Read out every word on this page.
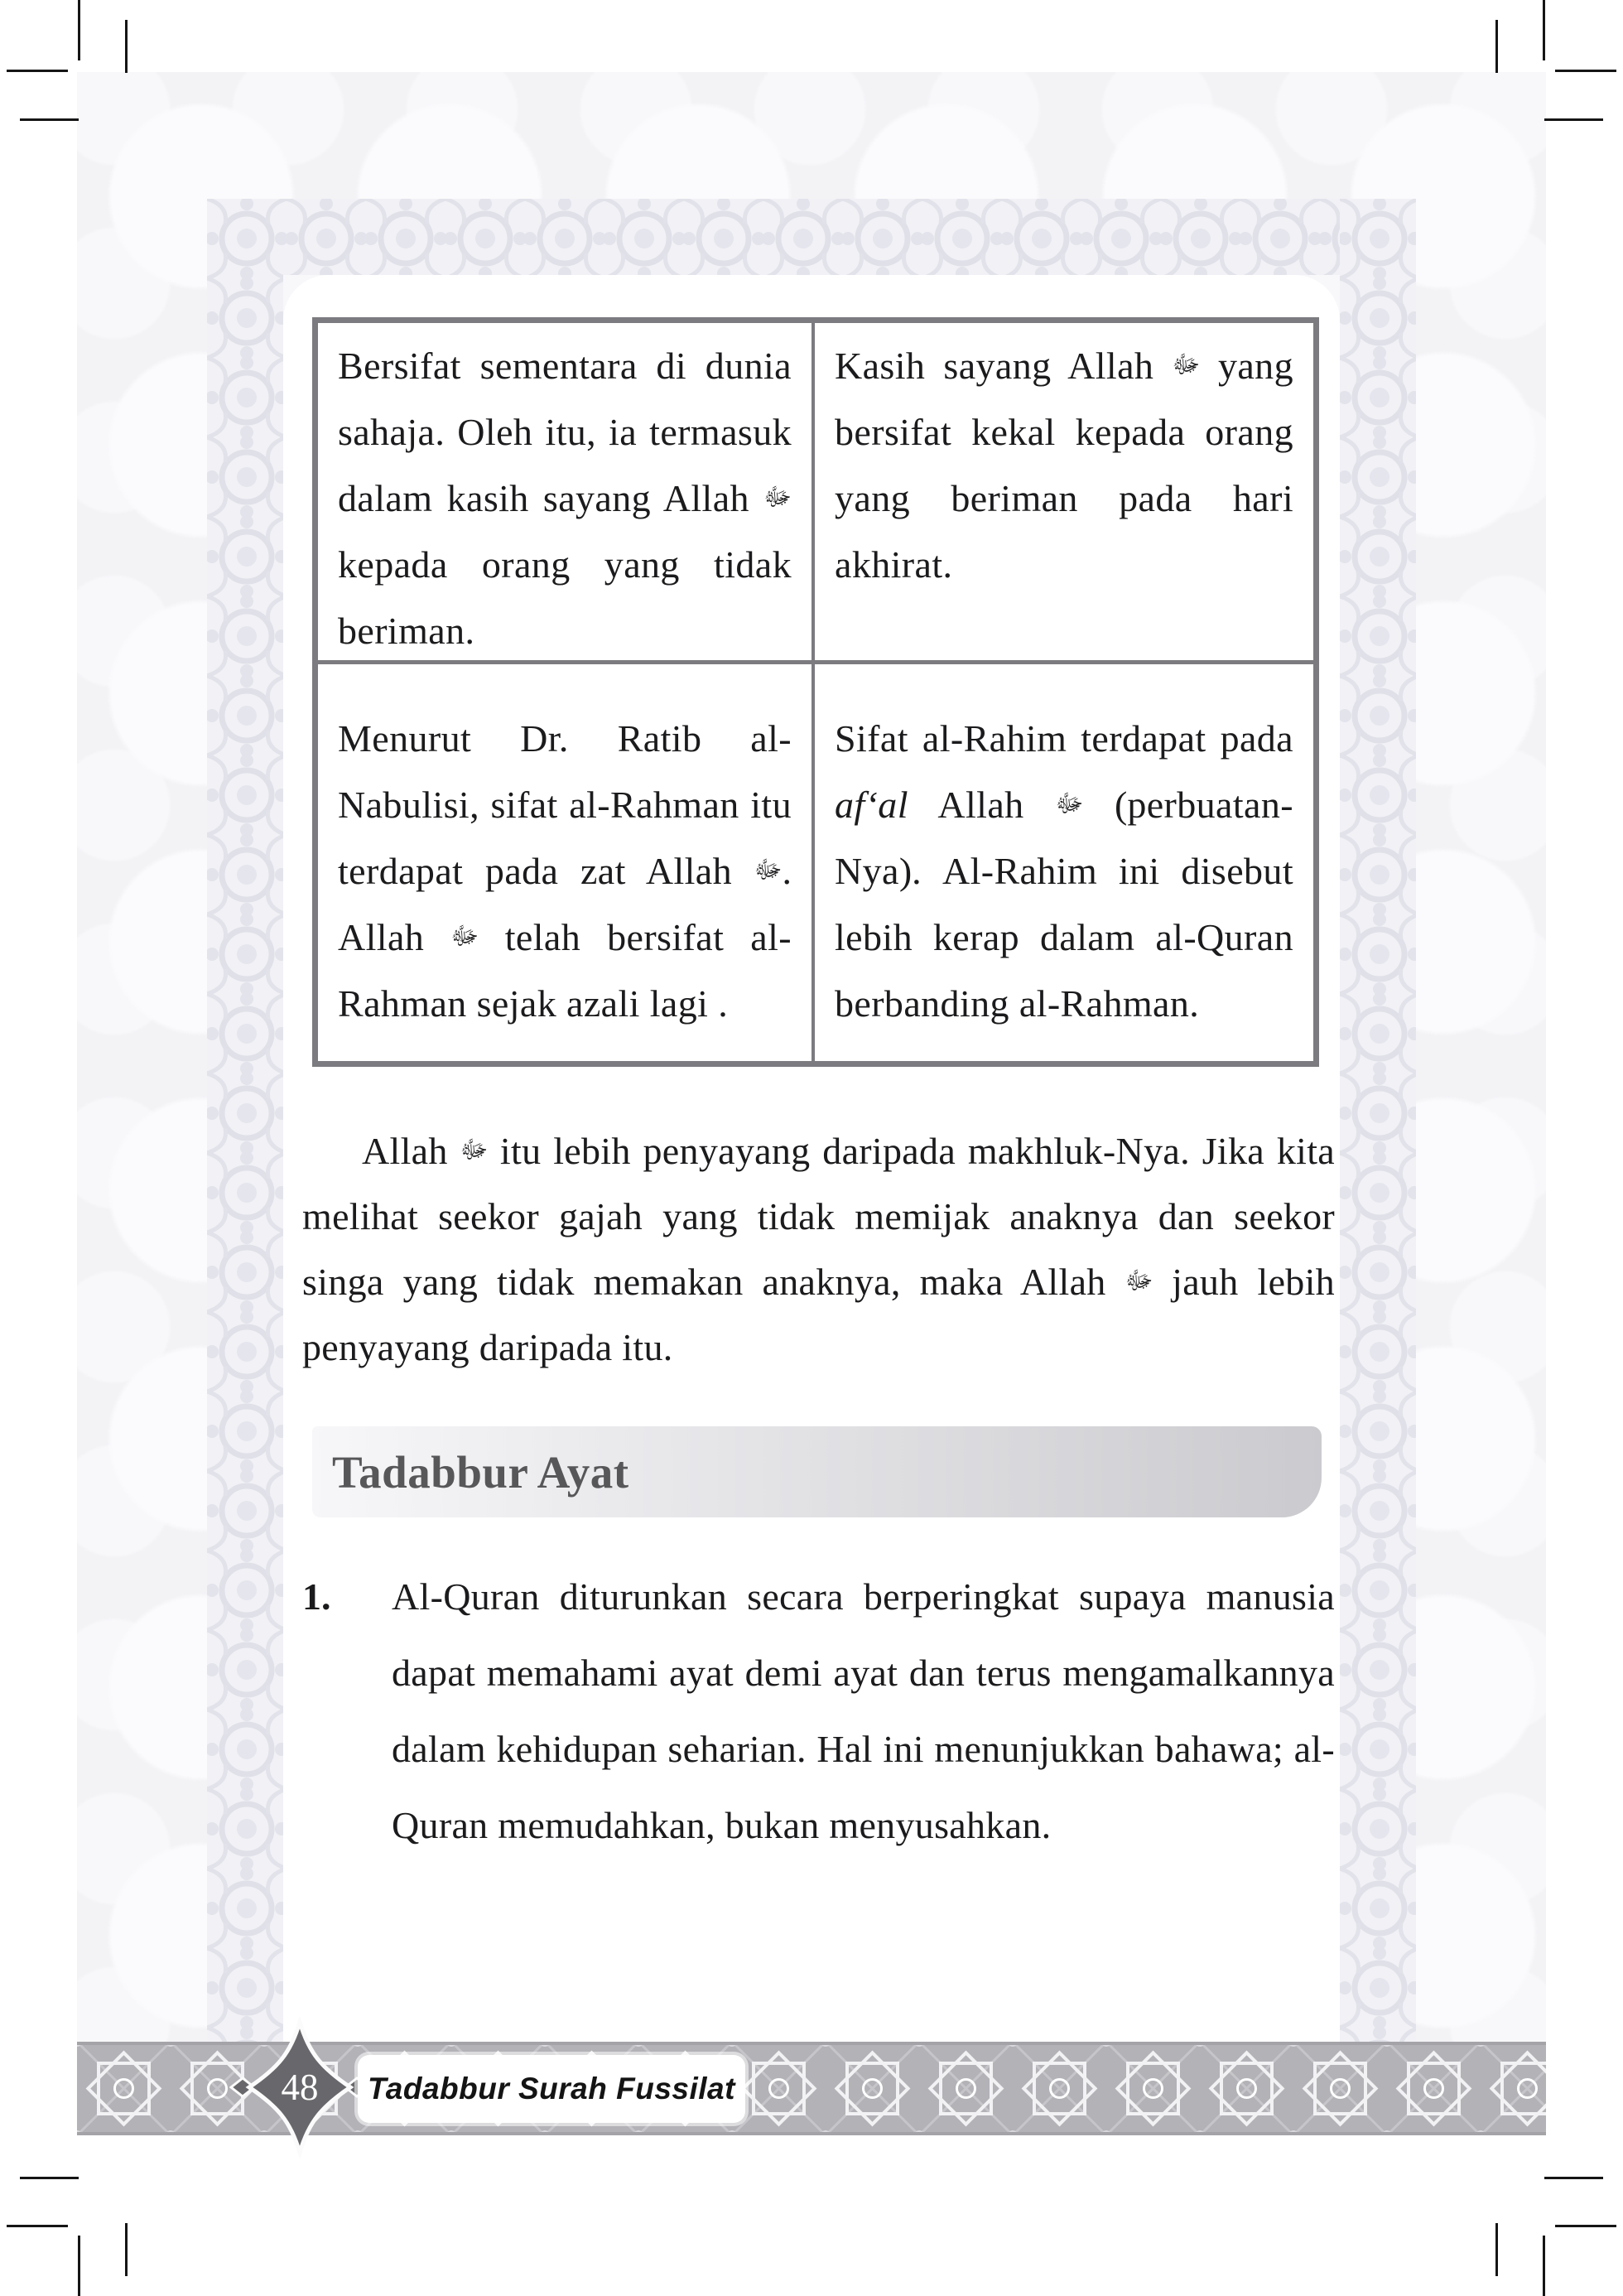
Bersifat sementara di dunia sahaja. Oleh itu, ia termasuk dalam kasih sayang Allah ﷻ kepada orang yang tidak beriman.
Kasih sayang Allah ﷻ yang bersifat kekal kepada orang yang beriman pada hari akhirat.
Menurut Dr. Ratib al-Nabulisi, sifat al-Rahman itu terdapat pada zat Allah ﷻ. Allah ﷻ telah bersifat al-Rahman sejak azali lagi .
Sifat al-Rahim terdapat pada af‘al Allah ﷻ (perbuatan-Nya). Al-Rahim ini disebut lebih kerap dalam al-Quran berbanding al-Rahman.
Allah ﷻ itu lebih penyayang daripada makhluk-Nya. Jika kita melihat seekor gajah yang tidak memijak anaknya dan seekor singa yang tidak memakan anaknya, maka Allah ﷻ jauh lebih penyayang daripada itu.
Tadabbur Ayat
1.	Al-Quran diturunkan secara berperingkat supaya manusia dapat memahami ayat demi ayat dan terus mengamalkannya dalam kehidupan seharian. Hal ini menunjukkan bahawa; al-Quran memudahkan, bukan menyusahkan.
48	Tadabbur Surah Fussilat
